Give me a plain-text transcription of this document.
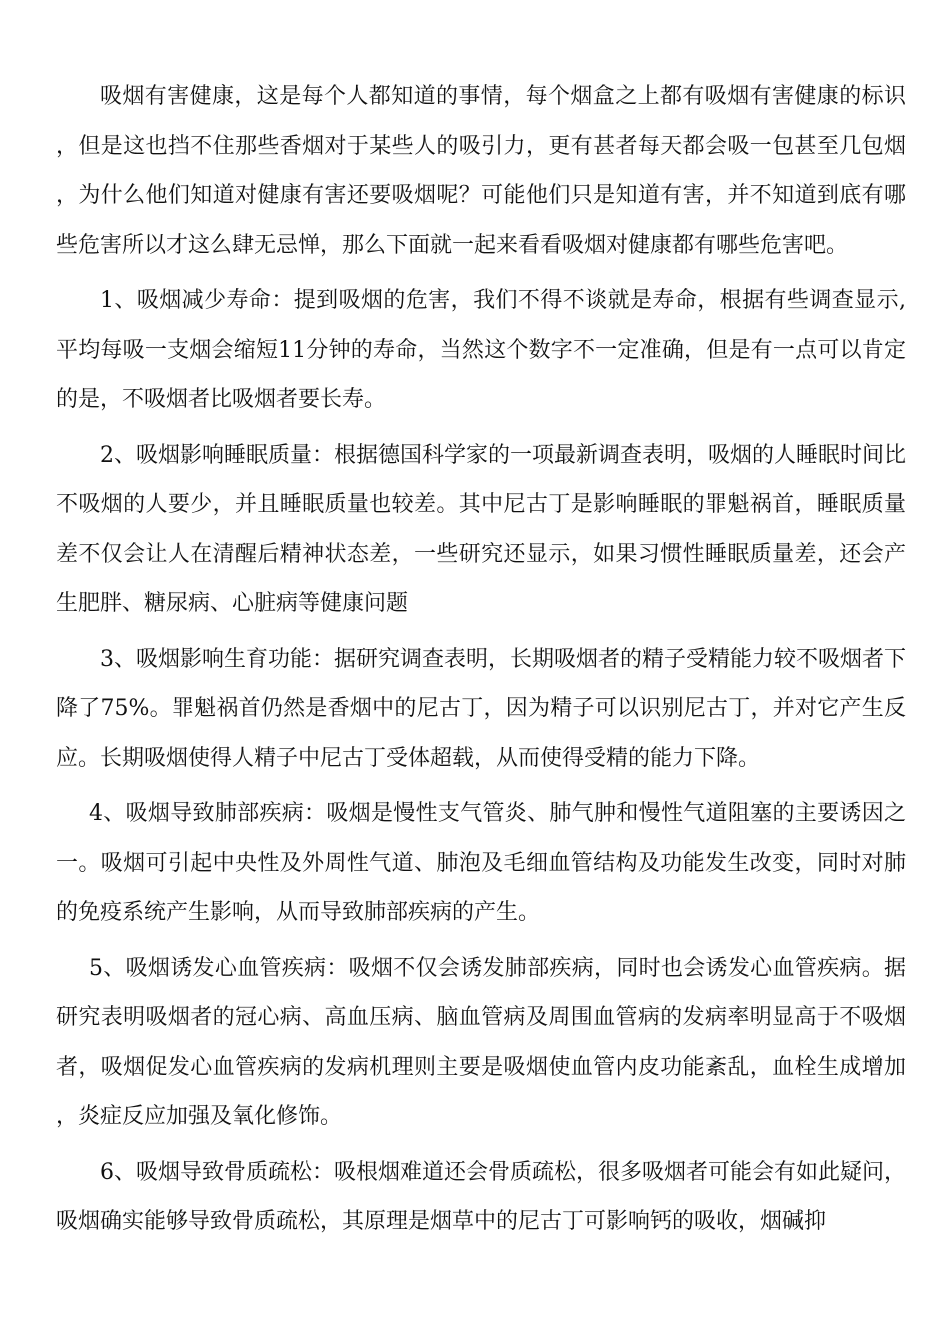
吸烟有害健康，这是每个人都知道的事情，每个烟盒之上都有吸烟有害健康的标识，但是这也挡不住那些香烟对于某些人的吸引力，更有甚者每天都会吸一包甚至几包烟，为什么他们知道对健康有害还要吸烟呢？可能他们只是知道有害，并不知道到底有哪些危害所以才这么肆无忌惮，那么下面就一起来看看吸烟对健康都有哪些危害吧。

1、吸烟减少寿命：提到吸烟的危害，我们不得不谈就是寿命，根据有些调查显示,平均每吸一支烟会缩短11分钟的寿命，当然这个数字不一定准确，但是有一点可以肯定的是，不吸烟者比吸烟者要长寿。

2、吸烟影响睡眠质量：根据德国科学家的一项最新调查表明，吸烟的人睡眠时间比不吸烟的人要少，并且睡眠质量也较差。其中尼古丁是影响睡眠的罪魁祸首，睡眠质量差不仅会让人在清醒后精神状态差，一些研究还显示，如果习惯性睡眠质量差，还会产生肥胖、糖尿病、心脏病等健康问题

3、吸烟影响生育功能：据研究调查表明，长期吸烟者的精子受精能力较不吸烟者下降了75%。罪魁祸首仍然是香烟中的尼古丁，因为精子可以识别尼古丁，并对它产生反应。长期吸烟使得人精子中尼古丁受体超载，从而使得受精的能力下降。

4、吸烟导致肺部疾病：吸烟是慢性支气管炎、肺气肿和慢性气道阻塞的主要诱因之一。吸烟可引起中央性及外周性气道、肺泡及毛细血管结构及功能发生改变，同时对肺的免疫系统产生影响，从而导致肺部疾病的产生。

5、吸烟诱发心血管疾病：吸烟不仅会诱发肺部疾病，同时也会诱发心血管疾病。据研究表明吸烟者的冠心病、高血压病、脑血管病及周围血管病的发病率明显高于不吸烟者，吸烟促发心血管疾病的发病机理则主要是吸烟使血管内皮功能紊乱，血栓生成增加，炎症反应加强及氧化修饰。

6、吸烟导致骨质疏松：吸根烟难道还会骨质疏松，很多吸烟者可能会有如此疑问，吸烟确实能够导致骨质疏松，其原理是烟草中的尼古丁可影响钙的吸收，烟碱抑
